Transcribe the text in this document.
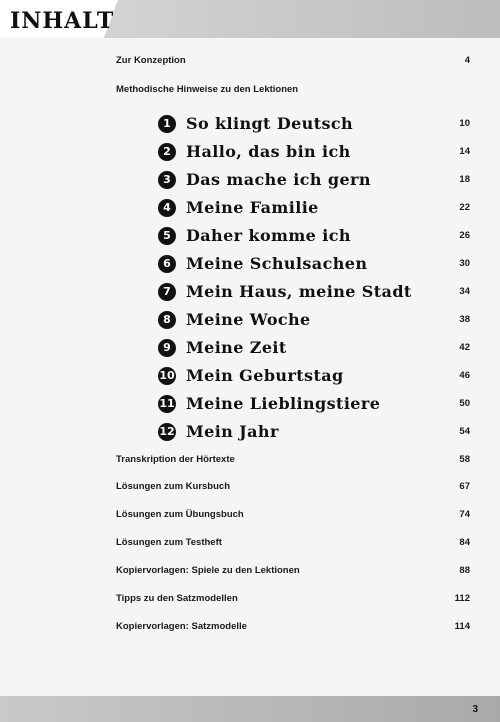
INHALT
Zur Konzeption	4
Methodische Hinweise zu den Lektionen
1 So klingt Deutsch	10
2 Hallo, das bin ich	14
3 Das mache ich gern	18
4 Meine Familie	22
5 Daher komme ich	26
6 Meine Schulsachen	30
7 Mein Haus, meine Stadt	34
8 Meine Woche	38
9 Meine Zeit	42
10 Mein Geburtstag	46
11 Meine Lieblingstiere	50
12 Mein Jahr	54
Transkription der Hörtexte	58
Lösungen zum Kursbuch	67
Lösungen zum Übungsbuch	74
Lösungen zum Testheft	84
Kopiervorlagen: Spiele zu den Lektionen	88
Tipps zu den Satzmodellen	112
Kopiervorlagen: Satzmodelle	114
3
